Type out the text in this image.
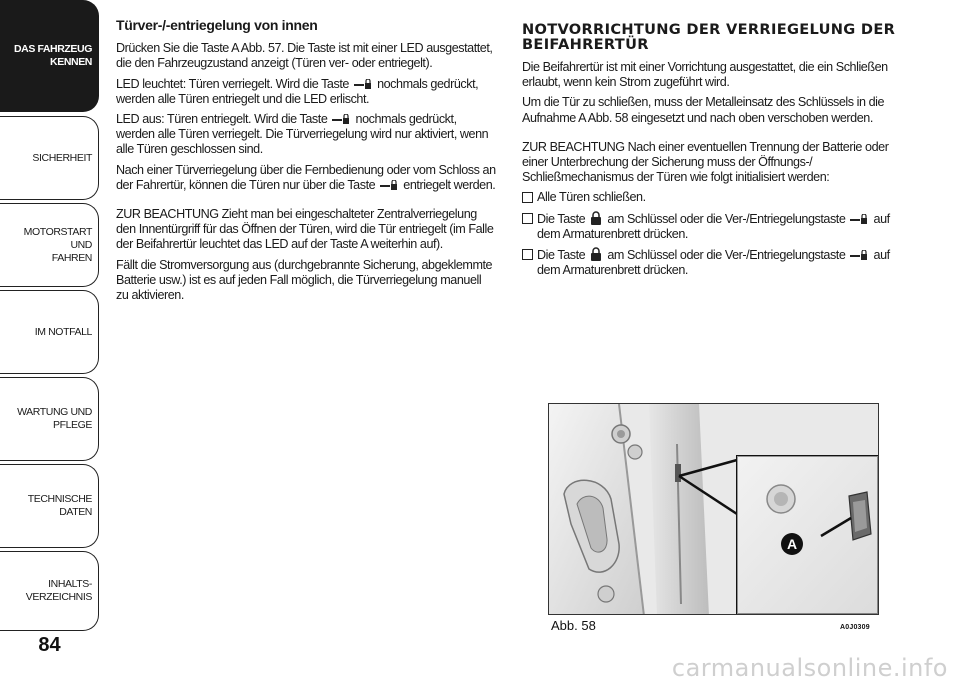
DAS FAHRZEUG
KENNEN
SICHERHEIT
MOTORSTART UND
FAHREN
IM NOTFALL
WARTUNG UND
PFLEGE
TECHNISCHE DATEN
INHALTS-
VERZEICHNIS
84
Türver-/-entriegelung von innen

Drücken Sie die Taste A Abb. 57. Die Taste ist mit einer LED ausgestattet, die den Fahrzeugzustand anzeigt (Türen ver- oder entriegelt).

LED leuchtet: Türen verriegelt. Wird die Taste nochmals gedrückt, werden alle Türen entriegelt und die LED erlischt.

LED aus: Türen entriegelt. Wird die Taste nochmals gedrückt, werden alle Türen verriegelt. Die Türverriegelung wird nur aktiviert, wenn alle Türen geschlossen sind.

Nach einer Türverriegelung über die Fernbedienung oder vom Schloss an der Fahrertür, können die Türen nur über die Taste entriegelt werden.

ZUR BEACHTUNG Zieht man bei eingeschalteter Zentralverriegelung den Innentürgriff für das Öffnen der Türen, wird die Tür entriegelt (im Falle der Beifahrertür leuchtet das LED auf der Taste A weiterhin auf).

Fällt die Stromversorgung aus (durchgebrannte Sicherung, abgeklemmte Batterie usw.) ist es auf jeden Fall möglich, die Türverriegelung manuell zu aktivieren.

NOTVORRICHTUNG DER VERRIEGELUNG DER BEIFAHRERTÜR

Die Beifahrertür ist mit einer Vorrichtung ausgestattet, die ein Schließen erlaubt, wenn kein Strom zugeführt wird.

Um die Tür zu schließen, muss der Metalleinsatz des Schlüssels in die Aufnahme A Abb. 58 eingesetzt und nach oben verschoben werden.

ZUR BEACHTUNG Nach einer eventuellen Trennung der Batterie oder einer Unterbrechung der Sicherung muss der Öffnungs-/ Schließmechanismus der Türen wie folgt initialisiert werden:

Alle Türen schließen.
Die Taste am Schlüssel oder die Ver-/Entriegelungstaste auf dem Armaturenbrett drücken.
Die Taste am Schlüssel oder die Ver-/Entriegelungstaste auf dem Armaturenbrett drücken.
A
Abb. 58	A0J0309
carmanualsonline.info
